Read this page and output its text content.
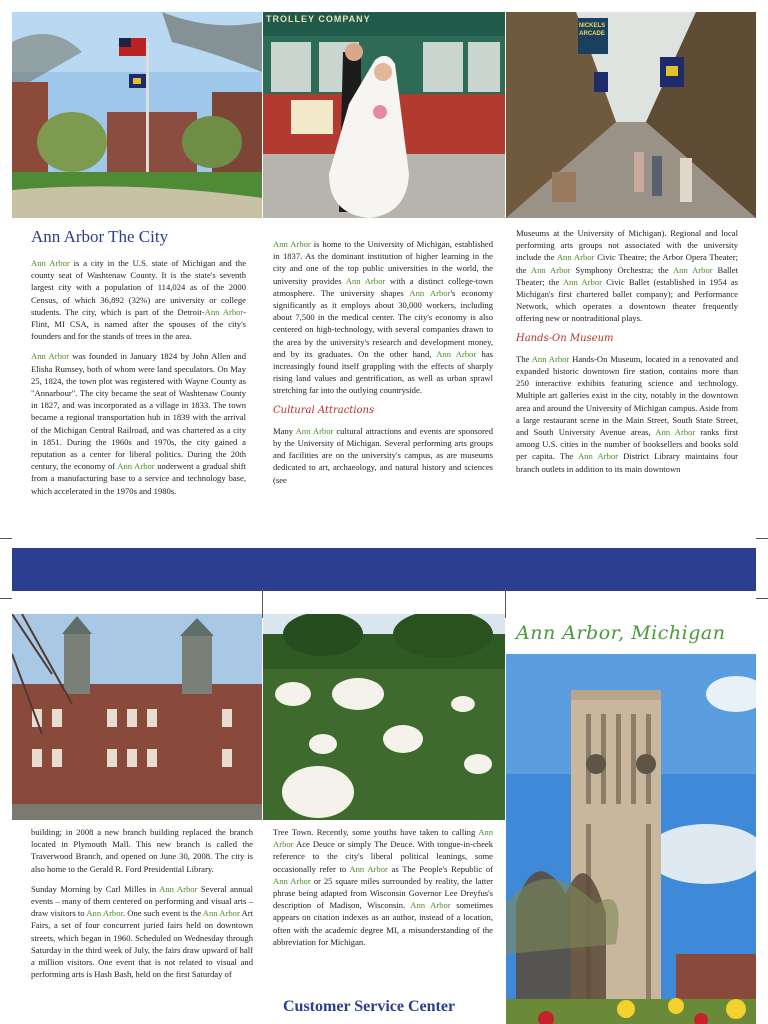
TROLLEY COMPANY
NICKELS ARCADE
Ann Arbor The City

Ann Arbor is a city in the U.S. state of Michigan and the county seat of Washtenaw County. It is the state's seventh largest city with a population of 114,024 as of the 2000 Census, of which 36,892 (32%) are university or college students. The city, which is part of the Detroit-Ann Arbor-Flint, MI CSA, is named after the spouses of the city's founders and for the stands of trees in the area.

Ann Arbor was founded in January 1824 by John Allen and Elisha Rumsey, both of whom were land speculators. On May 25, 1824, the town plot was registered with Wayne County as "Annarbour". The city became the seat of Washtenaw County in 1827, and was incorporated as a village in 1833. The town became a regional transportation hub in 1839 with the arrival of the Michigan Central Railroad, and was chartered as a city in 1851. During the 1960s and 1970s, the city gained a reputation as a center for liberal politics. During the 20th century, the economy of Ann Arbor underwent a gradual shift from a manufacturing base to a service and technology base, which accelerated in the 1970s and 1980s.

Ann Arbor is home to the University of Michigan, established in 1837. As the dominant institution of higher learning in the city and one of the top public universities in the world, the university provides Ann Arbor with a distinct college-town atmosphere. The university shapes Ann Arbor's economy significantly as it employs about 30,000 workers, including about 7,500 in the medical center. The city's economy is also centered on high-technology, with several companies drawn to the area by the university's research and development money, and by its graduates. On the other hand, Ann Arbor has increasingly found itself grappling with the effects of sharply rising land values and gentrification, as well as urban sprawl stretching far into the outlying countryside.

Cultural Attractions

Many Ann Arbor cultural attractions and events are sponsored by the University of Michigan. Several performing arts groups and facilities are on the university's campus, as are museums dedicated to art, archaeology, and natural history and sciences (see

Museums at the University of Michigan). Regional and local performing arts groups not associated with the university include the Ann Arbor Civic Theatre; the Arbor Opera Theater; the Ann Arbor Symphony Orchestra; the Ann Arbor Ballet Theater; the Ann Arbor Civic Ballet (established in 1954 as Michigan's first chartered ballet company); and Performance Network, which operates a downtown theater frequently offering new or nontraditional plays.

Hands-On Museum

The Ann Arbor Hands-On Museum, located in a renovated and expanded historic downtown fire station, contains more than 250 interactive exhibits featuring science and technology. Multiple art galleries exist in the city, notably in the downtown area and around the University of Michigan campus. Aside from a large restaurant scene in the Main Street, South State Street, and South University Avenue areas, Ann Arbor ranks first among U.S. cities in the number of booksellers and books sold per capita. The Ann Arbor District Library maintains four branch outlets in addition to its main downtown

Ann Arbor, Michigan

building; in 2008 a new branch building replaced the branch located in Plymouth Mall. This new branch is called the Traverwood Branch, and opened on June 30, 2008. The city is also home to the Gerald R. Ford Presidential Library.

Sunday Morning by Carl Milles in Ann Arbor Several annual events – many of them centered on performing and visual arts – draw visitors to Ann Arbor. One such event is the Ann Arbor Art Fairs, a set of four concurrent juried fairs held on downtown streets, which began in 1960. Scheduled on Wednesday through Saturday in the third week of July, the fairs draw upward of half a million visitors. One event that is not related to visual and performing arts is Hash Bash, held on the first Saturday of

Tree Town. Recently, some youths have taken to calling Ann Arbor Ace Deuce or simply The Deuce. With tongue-in-cheek reference to the city's liberal political leanings, some occasionally refer to Ann Arbor as The People's Republic of Ann Arbor or 25 square miles surrounded by reality, the latter phrase being adapted from Wisconsin Governor Lee Dreyfus's description of Madison, Wisconsin. Ann Arbor sometimes appears on citation indexes as an author, instead of a location, often with the academic degree MI, a misunderstanding of the abbreviation for Michigan.

Customer Service Center
